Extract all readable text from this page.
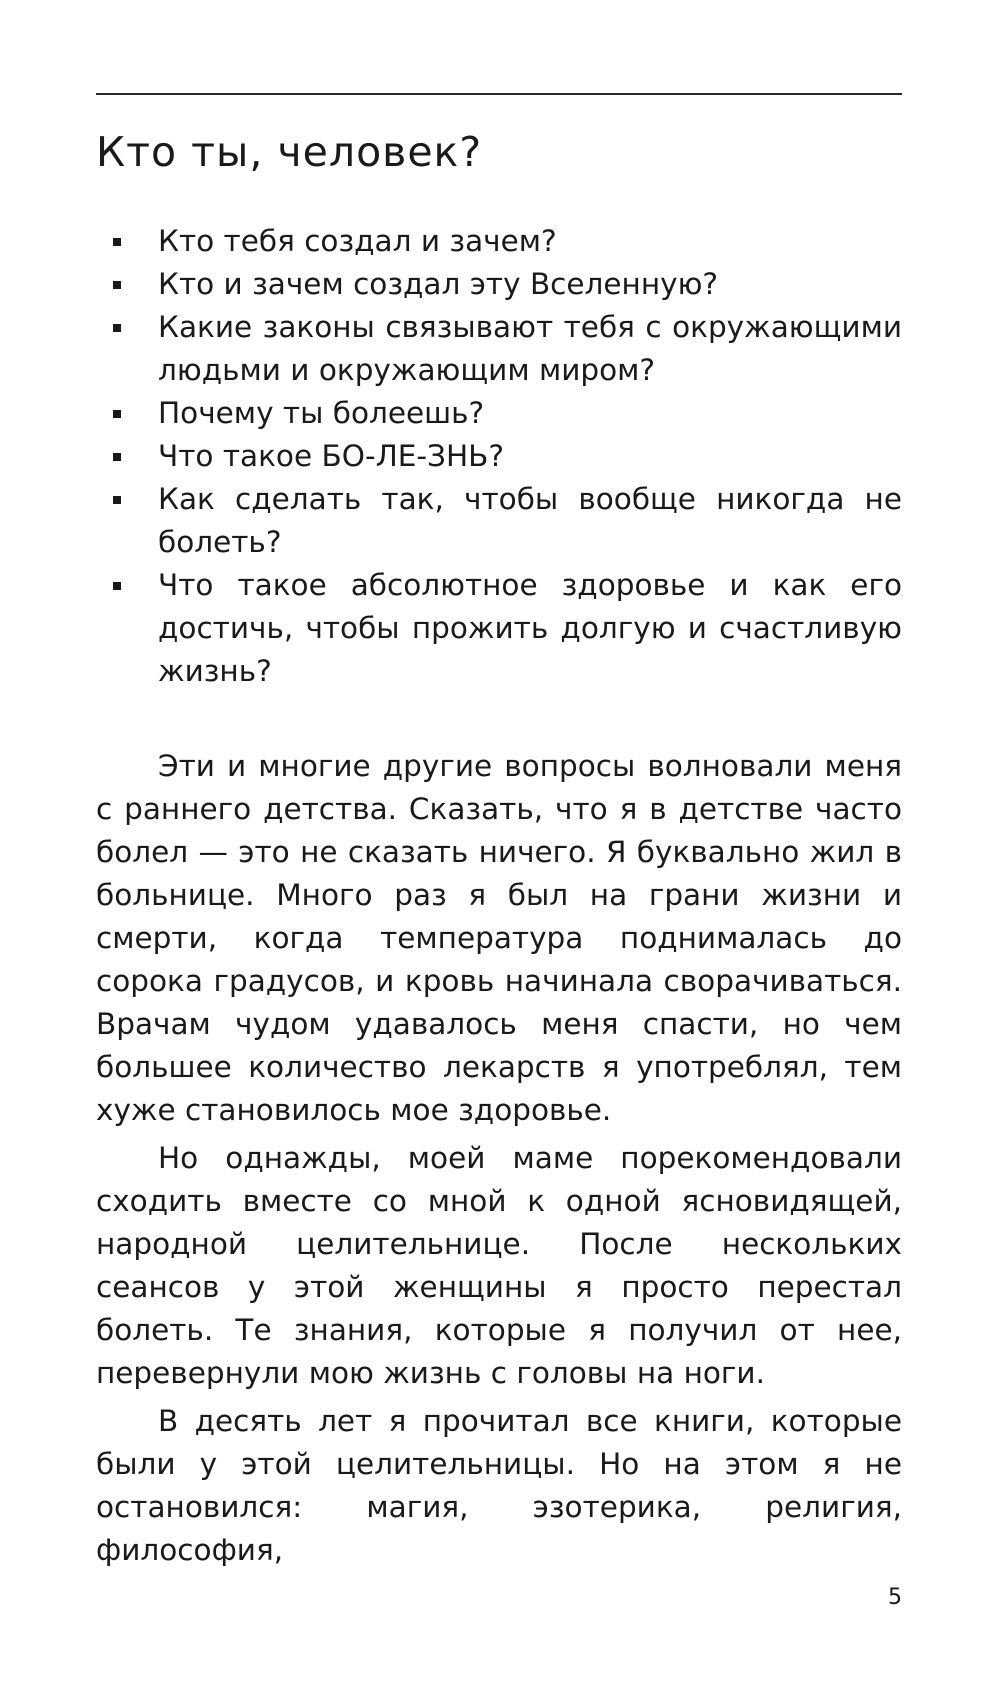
Кто ты, человек?
Кто тебя создал и зачем?
Кто и зачем создал эту Вселенную?
Какие законы связывают тебя с окружающими людьми и окружающим миром?
Почему ты болеешь?
Что такое БО-ЛЕ-ЗНЬ?
Как сделать так, чтобы вообще никогда не болеть?
Что такое абсолютное здоровье и как его достичь, чтобы прожить долгую и счастливую жизнь?

Эти и многие другие вопросы волновали меня с раннего детства. Сказать, что я в детстве часто болел — это не сказать ничего. Я буквально жил в больнице. Много раз я был на грани жизни и смерти, когда температура поднималась до сорока градусов, и кровь начинала сворачиваться. Врачам чудом удавалось меня спасти, но чем большее количество лекарств я употреблял, тем хуже становилось мое здоровье.

Но однажды, моей маме порекомендовали сходить вместе со мной к одной ясновидящей, народной целительнице. После нескольких сеансов у этой женщины я просто перестал болеть. Те знания, которые я получил от нее, перевернули мою жизнь с головы на ноги.

В десять лет я прочитал все книги, которые были у этой целительницы. Но на этом я не остановился: магия, эзотерика, религия, философия,

5
